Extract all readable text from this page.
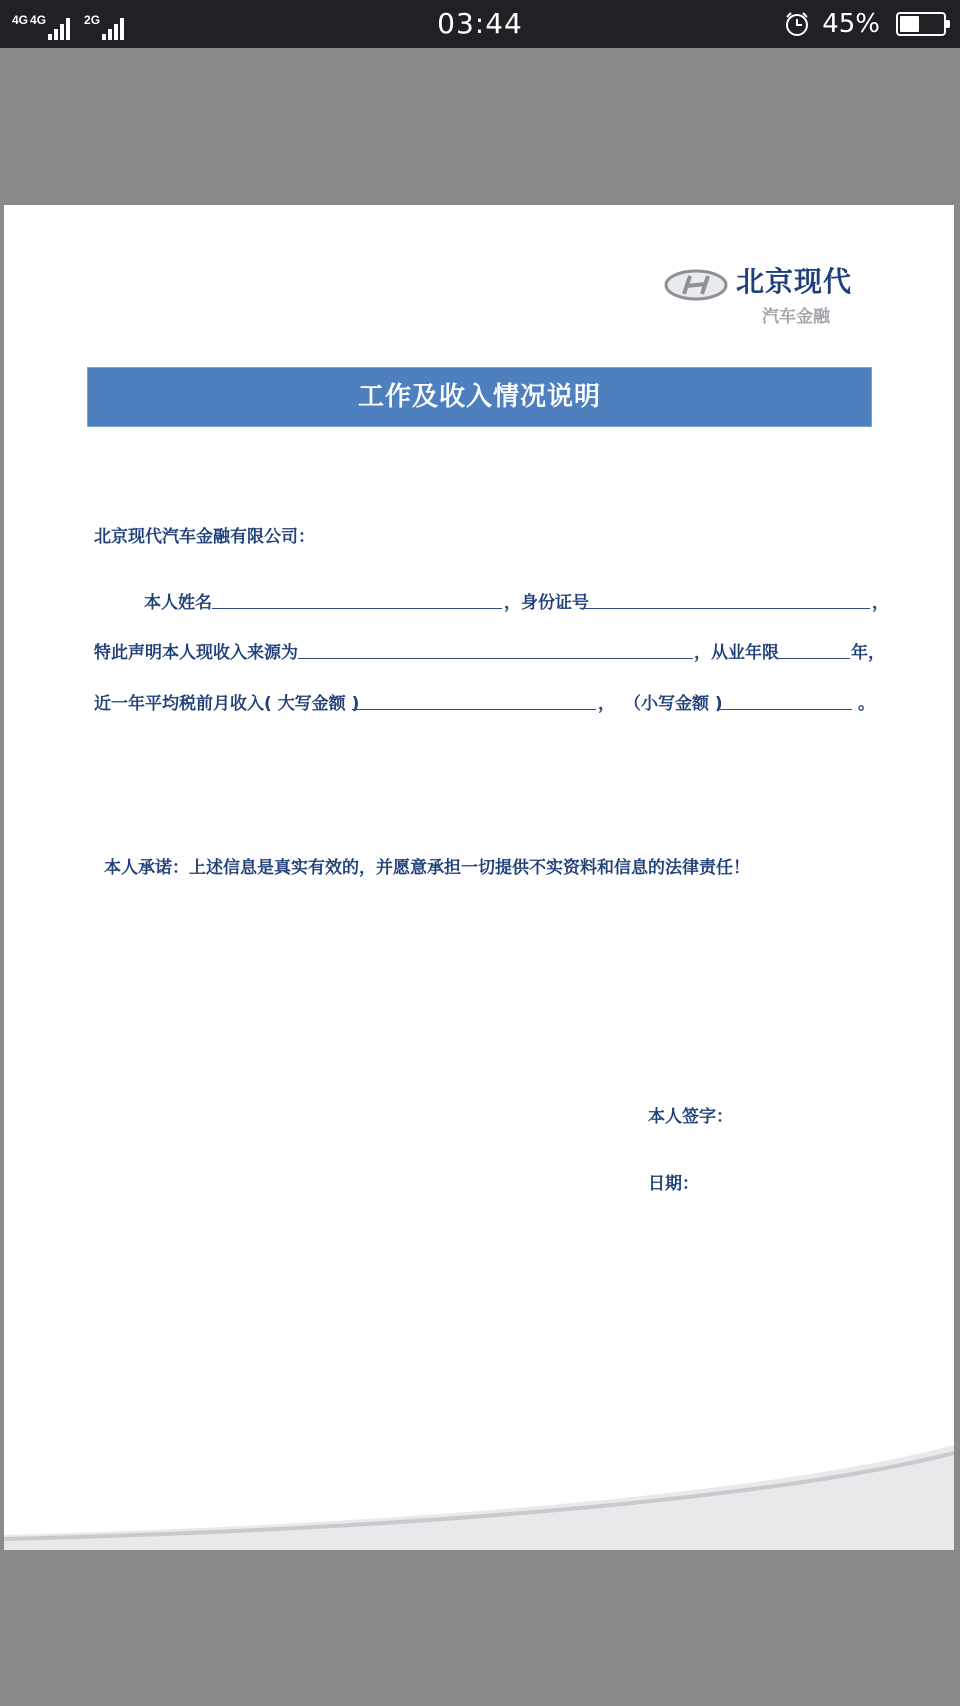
4G 4G	2G	03:44	45%
北京现代
汽车金融
工作及收入情况说明
北京现代汽车金融有限公司：
本人姓名	，身份证号	，
特此声明本人现收入来源为	，从业年限	年，
近一年平均税前月收入( 大写金额 )	， （小写金额 )	。
本人承诺：上述信息是真实有效的，并愿意承担一切提供不实资料和信息的法律责任！
本人签字：
日期：
